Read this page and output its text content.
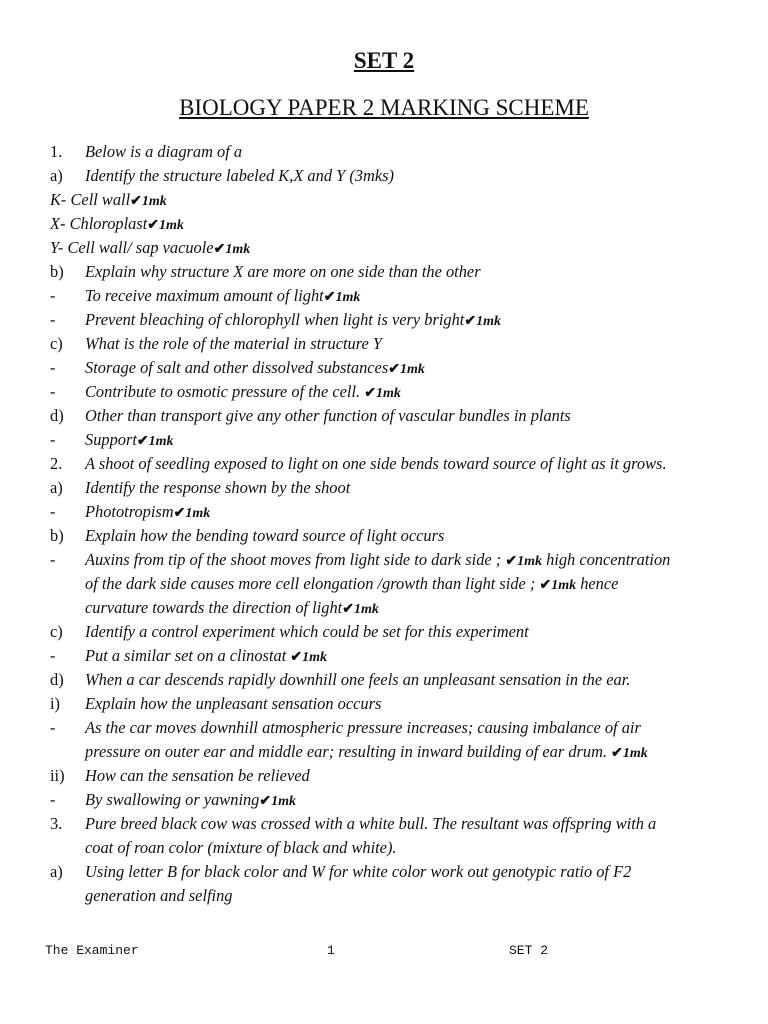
SET 2
BIOLOGY PAPER 2 MARKING SCHEME
1. Below is a diagram of a
a) Identify the structure labeled K,X and Y (3mks)
K- Cell wall✔1mk
X- Chloroplast✔1mk
Y- Cell wall/ sap vacuole✔1mk
b) Explain why structure X are more on one side than the other
- To receive maximum amount of light✔1mk
- Prevent bleaching of chlorophyll when light is very bright✔1mk
c) What is the role of the material in structure Y
- Storage of salt and other dissolved substances✔1mk
- Contribute to osmotic pressure of the cell. ✔1mk
d) Other than transport give any other function of vascular bundles in plants
- Support✔1mk
2. A shoot of seedling exposed to light on one side bends toward source of light as it grows.
a) Identify the response shown by the shoot
- Phototropism✔1mk
b) Explain how the bending toward source of light occurs
- Auxins from tip of the shoot moves from light side to dark side ; ✔1mk high concentration
of the dark side causes more cell elongation /growth than light side ; ✔1mk hence
curvature towards the direction of light✔1mk
c) Identify a control experiment which could be set for this experiment
- Put a similar set on a clinostat ✔1mk
d) When a car descends rapidly downhill one feels an unpleasant sensation in the ear.
i) Explain how the unpleasant sensation occurs
- As the car moves downhill atmospheric pressure increases; causing imbalance of air
pressure on outer ear and middle ear; resulting in inward building of ear drum. ✔1mk
ii) How can the sensation be relieved
- By swallowing or yawning✔1mk
3. Pure breed black cow was crossed with a white bull. The resultant was offspring with a
coat of roan color (mixture of black and white).
a) Using letter B for black color and W for white color work out genotypic ratio of F2
generation and selfing
The Examiner	1	SET 2
